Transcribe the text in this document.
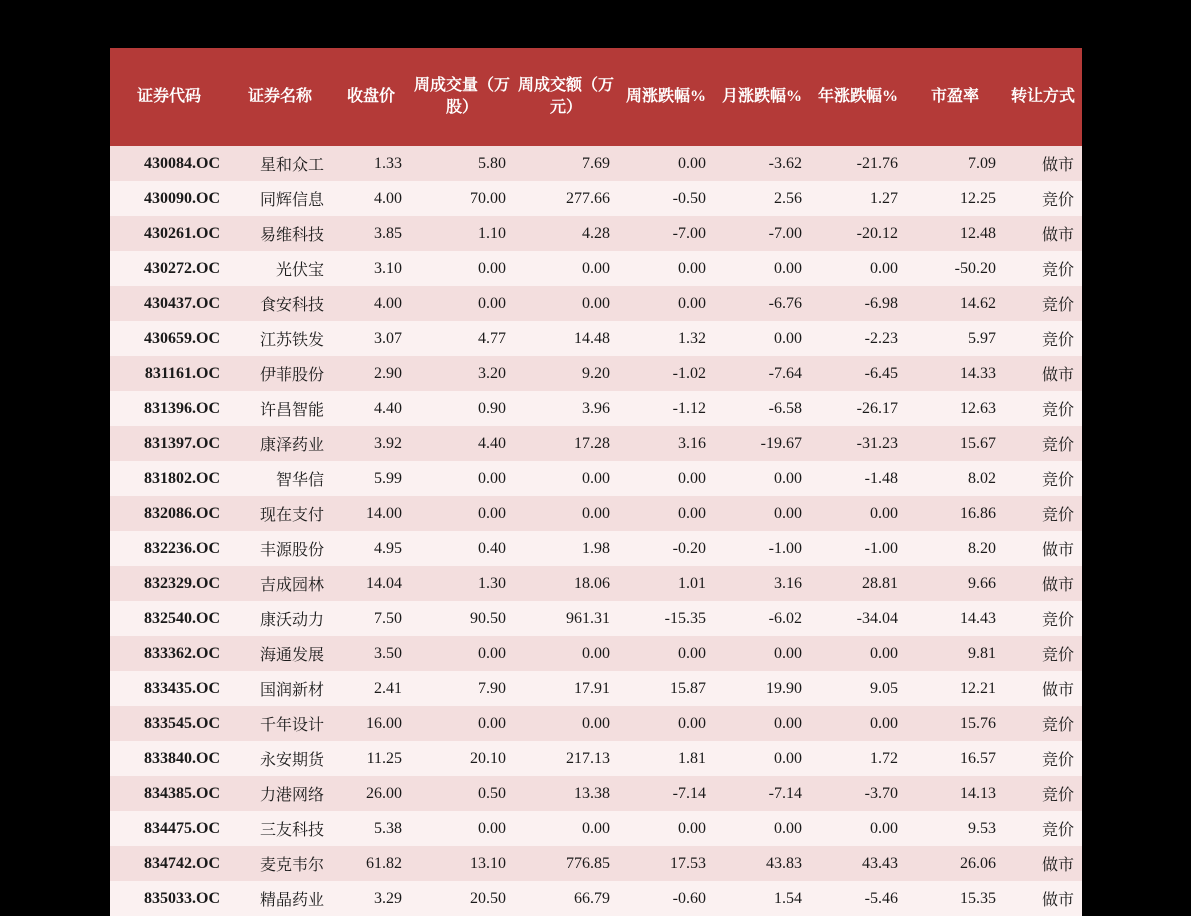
证券代码	证券名称	收盘价	周成交量（万股）	周成交额（万元）	周涨跌幅%	月涨跌幅%	年涨跌幅%	市盈率	转让方式
430084.OC	星和众工	1.33	5.80	7.69	0.00	-3.62	-21.76	7.09	做市
430090.OC	同辉信息	4.00	70.00	277.66	-0.50	2.56	1.27	12.25	竞价
430261.OC	易维科技	3.85	1.10	4.28	-7.00	-7.00	-20.12	12.48	做市
430272.OC	光伏宝	3.10	0.00	0.00	0.00	0.00	0.00	-50.20	竞价
430437.OC	食安科技	4.00	0.00	0.00	0.00	-6.76	-6.98	14.62	竞价
430659.OC	江苏铁发	3.07	4.77	14.48	1.32	0.00	-2.23	5.97	竞价
831161.OC	伊菲股份	2.90	3.20	9.20	-1.02	-7.64	-6.45	14.33	做市
831396.OC	许昌智能	4.40	0.90	3.96	-1.12	-6.58	-26.17	12.63	竞价
831397.OC	康泽药业	3.92	4.40	17.28	3.16	-19.67	-31.23	15.67	竞价
831802.OC	智华信	5.99	0.00	0.00	0.00	0.00	-1.48	8.02	竞价
832086.OC	现在支付	14.00	0.00	0.00	0.00	0.00	0.00	16.86	竞价
832236.OC	丰源股份	4.95	0.40	1.98	-0.20	-1.00	-1.00	8.20	做市
832329.OC	吉成园林	14.04	1.30	18.06	1.01	3.16	28.81	9.66	做市
832540.OC	康沃动力	7.50	90.50	961.31	-15.35	-6.02	-34.04	14.43	竞价
833362.OC	海通发展	3.50	0.00	0.00	0.00	0.00	0.00	9.81	竞价
833435.OC	国润新材	2.41	7.90	17.91	15.87	19.90	9.05	12.21	做市
833545.OC	千年设计	16.00	0.00	0.00	0.00	0.00	0.00	15.76	竞价
833840.OC	永安期货	11.25	20.10	217.13	1.81	0.00	1.72	16.57	竞价
834385.OC	力港网络	26.00	0.50	13.38	-7.14	-7.14	-3.70	14.13	竞价
834475.OC	三友科技	5.38	0.00	0.00	0.00	0.00	0.00	9.53	竞价
834742.OC	麦克韦尔	61.82	13.10	776.85	17.53	43.83	43.43	26.06	做市
835033.OC	精晶药业	3.29	20.50	66.79	-0.60	1.54	-5.46	15.35	做市
